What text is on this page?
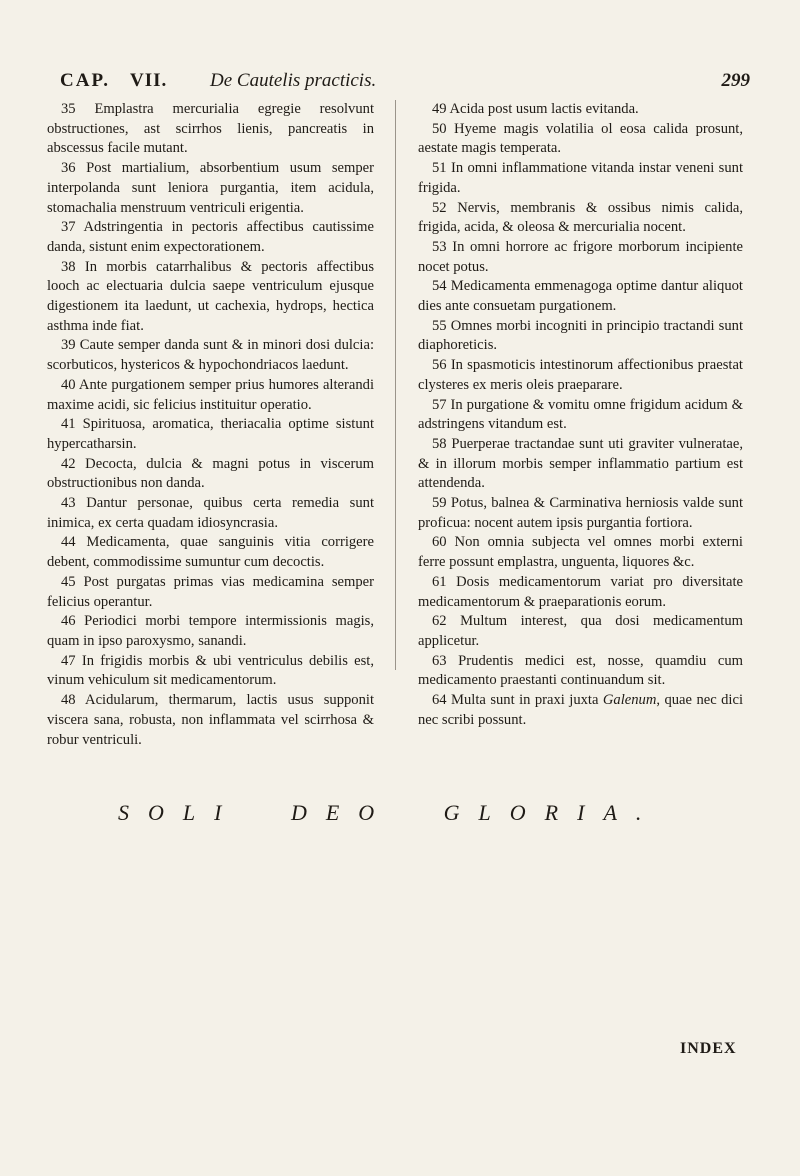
CAP. VII. De Cautelis practicis.	299

35 Emplastra mercurialia egregie resolvunt obstructiones, ast scirrhos lienis, pancreatis in abscessus facile mutant.

36 Post martialium, absorbentium usum semper interpolanda sunt leniora purgantia, item acidula, stomachalia menstruum ventriculi erigentia.

37 Adstringentia in pectoris affectibus cautissime danda, sistunt enim expectorationem.

38 In morbis catarrhalibus & pectoris affectibus looch ac electuaria dulcia saepe ventriculum ejusque digestionem ita laedunt, ut cachexia, hydrops, hectica asthma inde fiat.

39 Caute semper danda sunt & in minori dosi dulcia: scorbuticos, hystericos & hypochondriacos laedunt.

40 Ante purgationem semper prius humores alterandi maxime acidi, sic felicius instituitur operatio.

41 Spirituosa, aromatica, theriacalia optime sistunt hypercatharsin.

42 Decocta, dulcia & magni potus in viscerum obstructionibus non danda.

43 Dantur personae, quibus certa remedia sunt inimica, ex certa quadam idiosyncrasia.

44 Medicamenta, quae sanguinis vitia corrigere debent, commodissime sumuntur cum decoctis.

45 Post purgatas primas vias medicamina semper felicius operantur.

46 Periodici morbi tempore intermissionis magis, quam in ipso paroxysmo, sanandi.

47 In frigidis morbis & ubi ventriculus debilis est, vinum vehiculum sit medicamentorum.

48 Acidularum, thermarum, lactis usus supponit viscera sana, robusta, non inflammata vel scirrhosa & robur ventriculi.

49 Acida post usum lactis evitanda.

50 Hyeme magis volatilia ol eosa calida prosunt, aestate magis temperata.

51 In omni inflammatione vitanda instar veneni sunt frigida.

52 Nervis, membranis & ossibus nimis calida, frigida, acida, & oleosa & mercurialia nocent.

53 In omni horrore ac frigore morborum incipiente nocet potus.

54 Medicamenta emmenagoga optime dantur aliquot dies ante consuetam purgationem.

55 Omnes morbi incogniti in principio tractandi sunt diaphoreticis.

56 In spasmoticis intestinorum affectionibus praestat clysteres ex meris oleis praeparare.

57 In purgatione & vomitu omne frigidum acidum & adstringens vitandum est.

58 Puerperae tractandae sunt uti graviter vulneratae, & in illorum morbis semper inflammatio partium est attendenda.

59 Potus, balnea & Carminativa herniosis valde sunt proficua: nocent autem ipsis purgantia fortiora.

60 Non omnia subjecta vel omnes morbi externi ferre possunt emplastra, unguenta, liquores &c.

61 Dosis medicamentorum variat pro diversitate medicamentorum & praeparationis eorum.

62 Multum interest, qua dosi medicamentum applicetur.

63 Prudentis medici est, nosse, quamdiu cum medicamento praestanti continuandum sit.

64 Multa sunt in praxi juxta Galenum, quae nec dici nec scribi possunt.

SOLI DEO GLORIA.
INDEX
